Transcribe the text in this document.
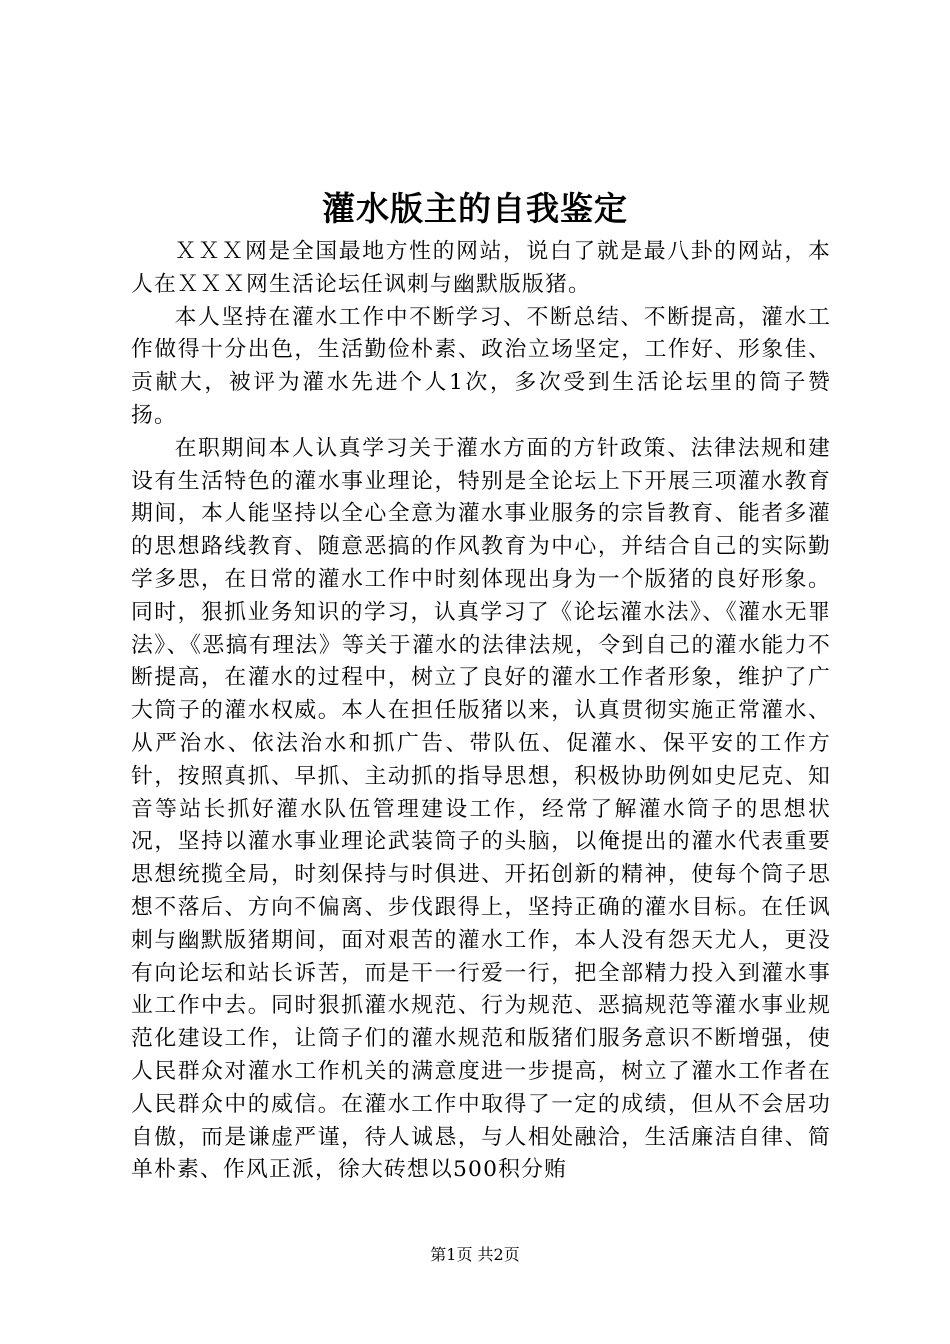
灌水版主的自我鉴定

ＸＸＸ网是全国最地方性的网站，说白了就是最八卦的网站，本人在ＸＸＸ网生活论坛任讽刺与幽默版版猪。

本人坚持在灌水工作中不断学习、不断总结、不断提高，灌水工作做得十分出色，生活勤俭朴素、政治立场坚定，工作好、形象佳、贡献大，被评为灌水先进个人1次，多次受到生活论坛里的筒子赞扬。

在职期间本人认真学习关于灌水方面的方针政策、法律法规和建设有生活特色的灌水事业理论，特别是全论坛上下开展三项灌水教育期间，本人能坚持以全心全意为灌水事业服务的宗旨教育、能者多灌的思想路线教育、随意恶搞的作风教育为中心，并结合自己的实际勤学多思，在日常的灌水工作中时刻体现出身为一个版猪的良好形象。同时，狠抓业务知识的学习，认真学习了《论坛灌水法》、《灌水无罪法》、《恶搞有理法》等关于灌水的法律法规，令到自己的灌水能力不断提高，在灌水的过程中，树立了良好的灌水工作者形象，维护了广大筒子的灌水权威。本人在担任版猪以来，认真贯彻实施正常灌水、从严治水、依法治水和抓广告、带队伍、促灌水、保平安的工作方针，按照真抓、早抓、主动抓的指导思想，积极协助例如史尼克、知音等站长抓好灌水队伍管理建设工作，经常了解灌水筒子的思想状况，坚持以灌水事业理论武装筒子的头脑，以俺提出的灌水代表重要思想统揽全局，时刻保持与时俱进、开拓创新的精神，使每个筒子思想不落后、方向不偏离、步伐跟得上，坚持正确的灌水目标。在任讽刺与幽默版猪期间，面对艰苦的灌水工作，本人没有怨天尤人，更没有向论坛和站长诉苦，而是干一行爱一行，把全部精力投入到灌水事业工作中去。同时狠抓灌水规范、行为规范、恶搞规范等灌水事业规范化建设工作，让筒子们的灌水规范和版猪们服务意识不断增强，使人民群众对灌水工作机关的满意度进一步提高，树立了灌水工作者在人民群众中的威信。在灌水工作中取得了一定的成绩，但从不会居功自傲，而是谦虚严谨，待人诚恳，与人相处融洽，生活廉洁自律、简单朴素、作风正派，徐大砖想以500积分贿

第1页 共2页
